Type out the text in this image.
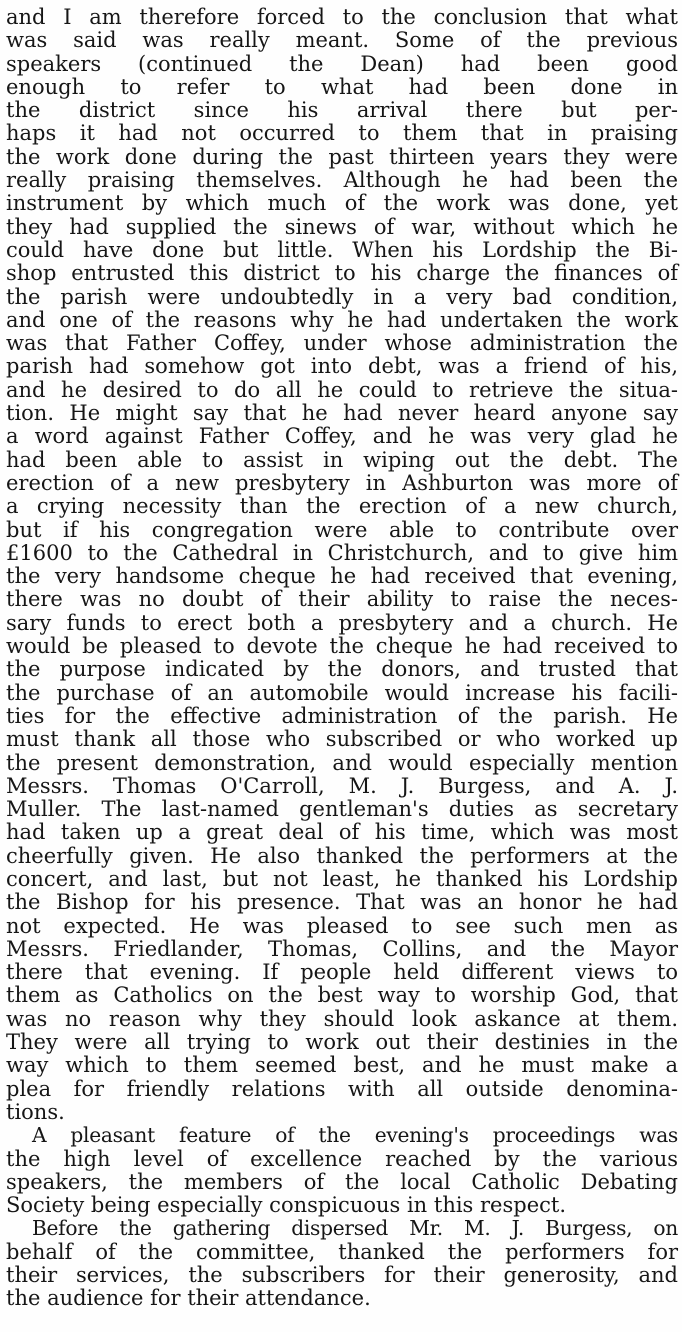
and I am therefore forced to the conclusion that what
was said was really meant. Some of the previous
speakers (continued the Dean) had been good
enough to refer to what had been done in
the district since his arrival there but per-
haps it had not occurred to them that in praising
the work done during the past thirteen years they were
really praising themselves. Although he had been the
instrument by which much of the work was done, yet
they had supplied the sinews of war, without which he
could have done but little. When his Lordship the Bi-
shop entrusted this district to his charge the finances of
the parish were undoubtedly in a very bad condition,
and one of the reasons why he had undertaken the work
was that Father Coffey, under whose administration the
parish had somehow got into debt, was a friend of his,
and he desired to do all he could to retrieve the situa-
tion. He might say that he had never heard anyone say
a word against Father Coffey, and he was very glad he
had been able to assist in wiping out the debt. The
erection of a new presbytery in Ashburton was more of
a crying necessity than the erection of a new church,
but if his congregation were able to contribute over
£1600 to the Cathedral in Christchurch, and to give him
the very handsome cheque he had received that evening,
there was no doubt of their ability to raise the neces-
sary funds to erect both a presbytery and a church. He
would be pleased to devote the cheque he had received to
the purpose indicated by the donors, and trusted that
the purchase of an automobile would increase his facili-
ties for the effective administration of the parish. He
must thank all those who subscribed or who worked up
the present demonstration, and would especially mention
Messrs. Thomas O'Carroll, M. J. Burgess, and A. J.
Muller. The last-named gentleman's duties as secretary
had taken up a great deal of his time, which was most
cheerfully given. He also thanked the performers at the
concert, and last, but not least, he thanked his Lordship
the Bishop for his presence. That was an honor he had
not expected. He was pleased to see such men as
Messrs. Friedlander, Thomas, Collins, and the Mayor
there that evening. If people held different views to
them as Catholics on the best way to worship God, that
was no reason why they should look askance at them.
They were all trying to work out their destinies in the
way which to them seemed best, and he must make a
plea for friendly relations with all outside denomina-
tions.
A pleasant feature of the evening's proceedings was
the high level of excellence reached by the various
speakers, the members of the local Catholic Debating
Society being especially conspicuous in this respect.
Before the gathering dispersed Mr. M. J. Burgess, on
behalf of the committee, thanked the performers for
their services, the subscribers for their generosity, and
the audience for their attendance.
